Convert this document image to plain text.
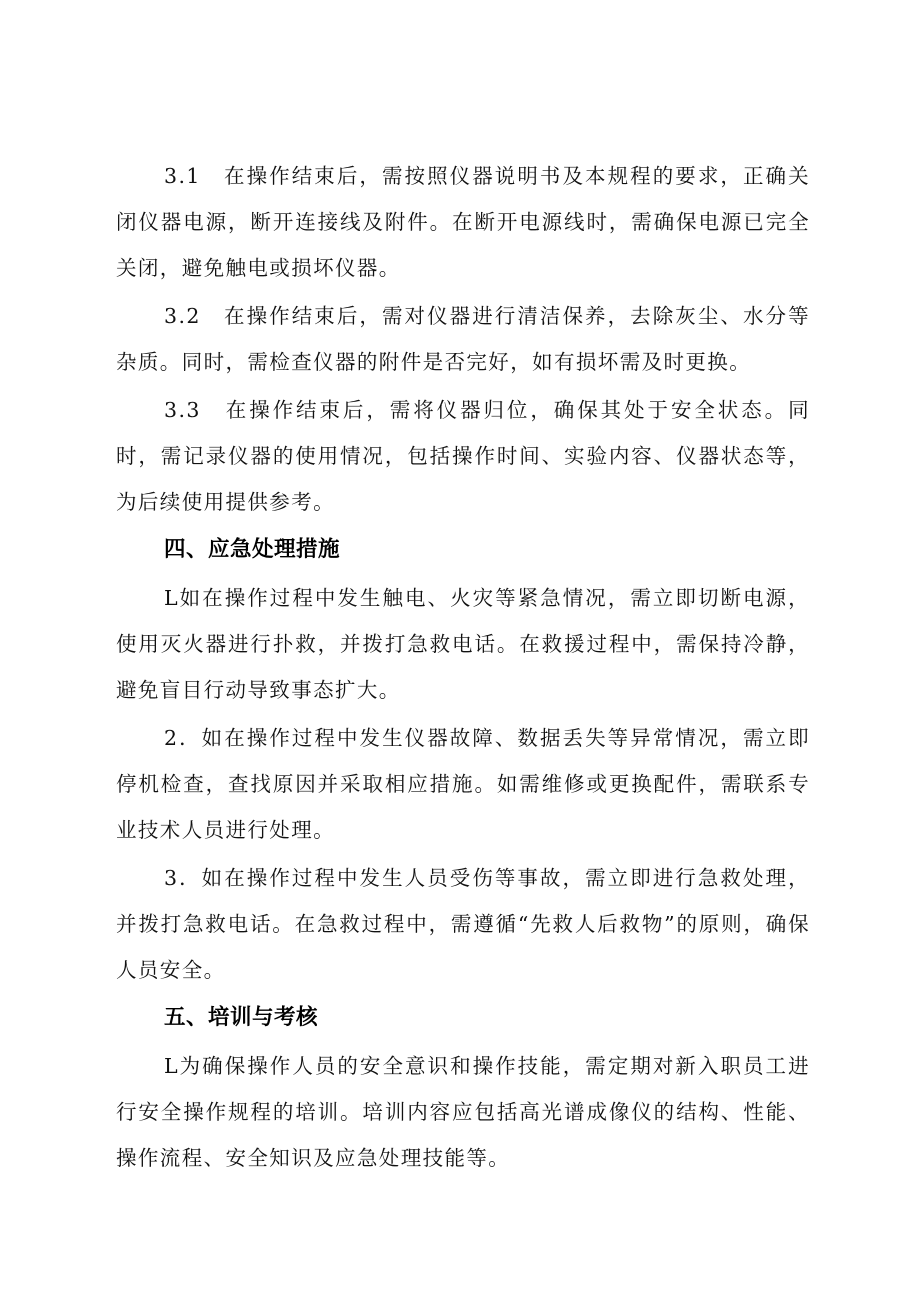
3.1　在操作结束后，需按照仪器说明书及本规程的要求，正确关闭仪器电源，断开连接线及附件。在断开电源线时，需确保电源已完全关闭，避免触电或损坏仪器。

3.2　在操作结束后，需对仪器进行清洁保养，去除灰尘、水分等杂质。同时，需检查仪器的附件是否完好，如有损坏需及时更换。

3.3　在操作结束后，需将仪器归位，确保其处于安全状态。同时，需记录仪器的使用情况，包括操作时间、实验内容、仪器状态等，为后续使用提供参考。

四、应急处理措施

L如在操作过程中发生触电、火灾等紧急情况，需立即切断电源，使用灭火器进行扑救，并拨打急救电话。在救援过程中，需保持冷静，避免盲目行动导致事态扩大。

2．如在操作过程中发生仪器故障、数据丢失等异常情况，需立即停机检查，查找原因并采取相应措施。如需维修或更换配件，需联系专业技术人员进行处理。

3．如在操作过程中发生人员受伤等事故，需立即进行急救处理，并拨打急救电话。在急救过程中，需遵循“先救人后救物”的原则，确保人员安全。

五、培训与考核

L为确保操作人员的安全意识和操作技能，需定期对新入职员工进行安全操作规程的培训。培训内容应包括高光谱成像仪的结构、性能、操作流程、安全知识及应急处理技能等。
